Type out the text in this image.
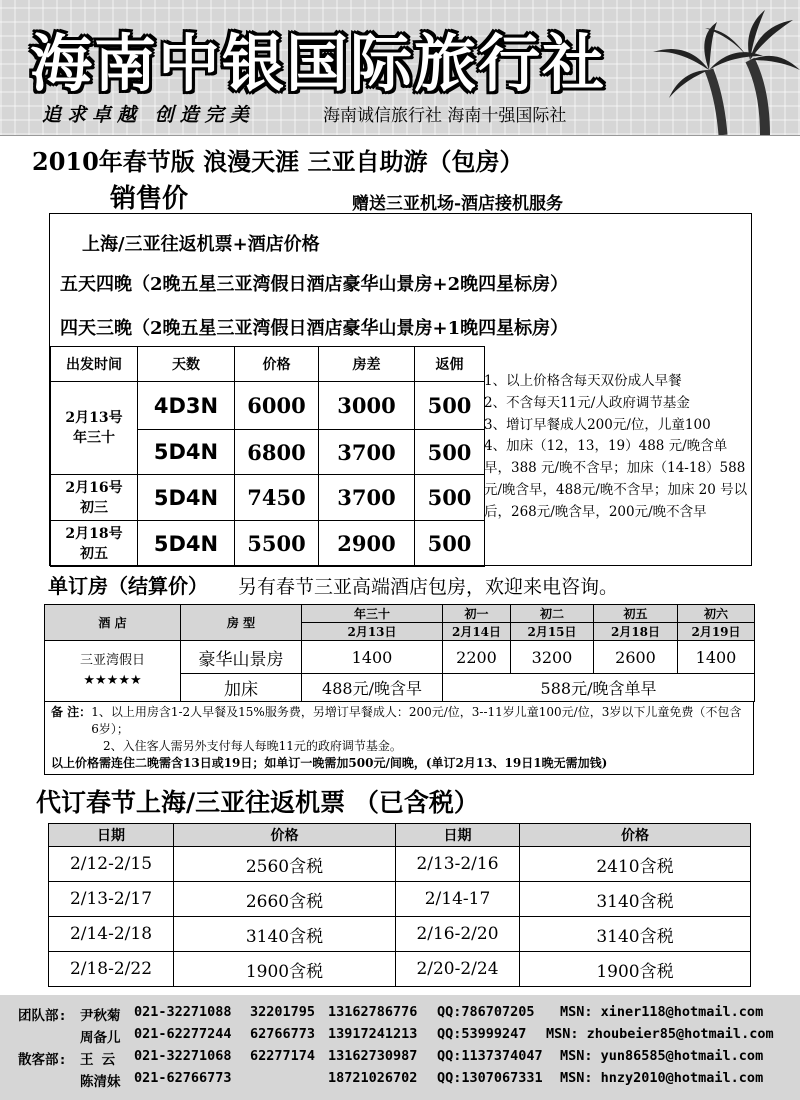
海南中银国际旅行社
追求卓越 创造完美	海南诚信旅行社 海南十强国际社
2010年春节版 浪漫天涯 三亚自助游（包房）
销售价	赠送三亚机场-酒店接机服务
上海/三亚往返机票+酒店价格
五天四晚（2晚五星三亚湾假日酒店豪华山景房+2晚四星标房）
四天三晚（2晚五星三亚湾假日酒店豪华山景房+1晚四星标房）
出发时间	天数	价格	房差	返佣

2月13号
年三十	4D3N	6000	3000	500
	5D4N	6800	3700	500

2月16号
初三	5D4N	7450	3700	500

2月18号
初五	5D4N	5500	2900	500
1、以上价格含每天双份成人早餐
2、不含每天11元/人政府调节基金
3、增订早餐成人200元/位，儿童100
4、加床（12，13，19）488 元/晚含单早，388 元/晚不含早；加床（14-18）588元/晚含早，488元/晚不含早；加床 20 号以后，268元/晚含早，200元/晚不含早
单订房（结算价） 另有春节三亚高端酒店包房，欢迎来电咨询。
酒 店	房 型	年三十	初一	初二	初五	初六
		2月13日	2月14日	2月15日	2月18日	2月19日

三亚湾假日
★★★★★	豪华山景房	1400	2200	3200	2600	1400
	加床	488元/晚含早	588元/晚含单早			
备 注： 1、以上用房含1-2人早餐及15%服务费，另增订早餐成人：200元/位，3--11岁儿童100元/位，3岁以下儿童免费（不包含6岁）；
2、入住客人需另外支付每人每晚11元的政府调节基金。
以上价格需连住二晚需含13日或19日；如单订一晚需加500元/间晚，(单订2月13、19日1晚无需加钱)
代订春节上海/三亚往返机票 （已含税）
日期	价格	日期	价格
2/12-2/15	2560含税	2/13-2/16	2410含税
2/13-2/17	2660含税	2/14-17	3140含税
2/14-2/18	3140含税	2/16-2/20	3140含税
2/18-2/22	1900含税	2/20-2/24	1900含税
团队部: 尹秋菊 021-32271088 32201795 13162786776 QQ:786707205 MSN: xiner118@hotmail.com
周备儿 021-62277244 62766773 13917241213 QQ:53999247 MSN: zhoubeier85@hotmail.com
散客部: 王 云 021-32271068 62277174 13162730987 QQ:1137374047 MSN: yun86585@hotmail.com
陈清妹 021-62766773	18721026702 QQ:1307067331 MSN: hnzy2010@hotmail.com
